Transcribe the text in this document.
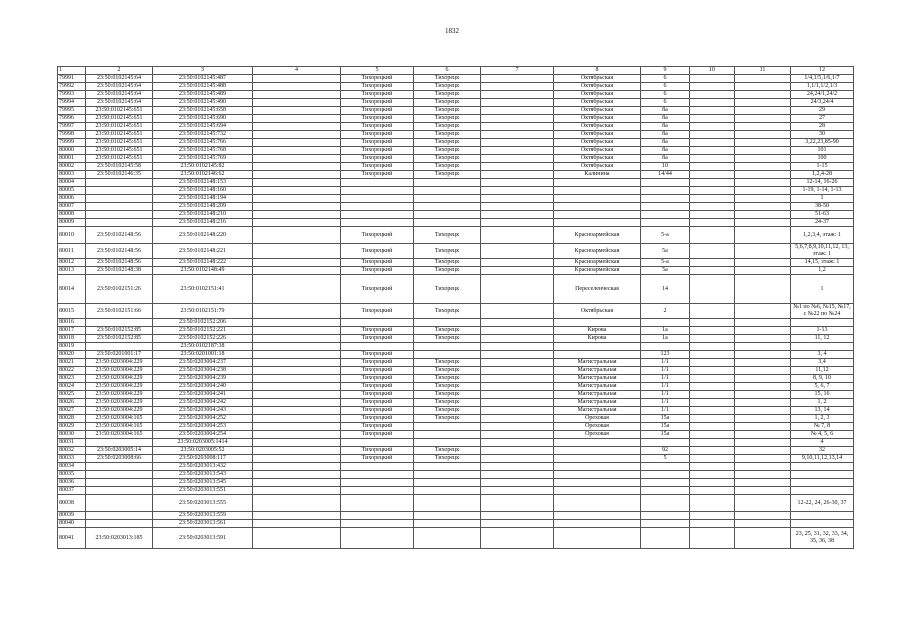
1832
1	2	3	4	5	6	7	8	9	10	11	12
79991	23:50:0102145:64	23:50:0102145:487		Тихорецкий	Тихорецк		Октябрьская	6			1/4,1/5,1/6,1/7
79992	23:50:0102145:64	23:50:0102145:488		Тихорецкий	Тихорецк		Октябрьская	6			1,1/1,1/2,1/3
79993	23:50:0102145:64	23:50:0102145:489		Тихорецкий	Тихорецк		Октябрьская	6			24,24/1,24/2
79994	23:50:0102145:64	23:50:0102145:490		Тихорецкий	Тихорецк		Октябрьская	6			24/3,24/4
79995	23:50:0102145:651	23:50:0102145:658		Тихорецкий	Тихорецк		Октябрьская	8а			29
79996	23:50:0102145:651	23:50:0102145:690		Тихорецкий	Тихорецк		Октябрьская	8а			27
79997	23:50:0102145:651	23:50:0102145:694		Тихорецкий	Тихорецк		Октябрьская	8а			28
79998	23:50:0102145:651	23:50:0102145:732		Тихорецкий	Тихорецк		Октябрьская	8а			30
79999	23:50:0102145:651	23:50:0102145:766		Тихорецкий	Тихорецк		Октябрьская	8а			3,22,23,85-90
80000	23:50:0102145:651	23:50:0102145:768		Тихорецкий	Тихорецк		Октябрьская	8а			101
80001	23:50:0102145:651	23:50:0102145:769		Тихорецкий	Тихорецк		Октябрьская	8а			100
80002	23:50:0102145:58	23:50:0102145:82		Тихорецкий	Тихорецк		Октябрьская	10			1-15
80003	23:50:0102146:35	23:50:0102146:62		Тихорецкий	Тихорецк		Калинина	14/44			1,2,4-28
80004		23:50:0102148:153									12-14, 16-26
80005		23:50:0102148:160									1-19, 1-14, 1-13
80006		23:50:0102148:194									1
80007		23:50:0102148:209									38-50
80008		23:50:0102148:210									51-63
80009		23:50:0102148:216									24-37
80010	23:50:0102148:56	23:50:0102148:220		Тихорецкий	Тихорецк		Красноармейская	5-а			1,2,3,4, этаж: 1
80011	23:50:0102148:56	23:50:0102148:221		Тихорецкий	Тихорецк		Красноармейская	5а			5,6,7,8,9,10,11,12, 13, этаж: 1
80012	23:50:0102148:56	23:50:0102148:222		Тихорецкий	Тихорецк		Красноармейская	5-а			14,15, этаж: 1
80013	23:50:0102148:38	23:50:0102148:49		Тихорецкий	Тихорецк		Красноармейская	5а			1,2
80014	23:50:0102151:26	23:50:0102151:41		Тихорецкий	Тихорецк		Переселенческая	14			1
80015	23:50:0102151:66	23:50:0102151:79		Тихорецкий	Тихорецк		Октябрьская	2			№1 по №6, №15, №17, с №22 по №24
80016		23:50:0102152:206									
80017	23:50:0102152:85	23:50:0102152:221		Тихорецкий	Тихорецк		Кирова	1а			1-13
80018	23:50:0102152:85	23:50:0102152:226		Тихорецкий	Тихорецк		Кирова	1а			11, 12
80019		23:50:0102187:38									
80020	23:50:0201001:17	23:50:0201001:18		Тихорецкий				123			3, 4
80021	23:50:0203004:229	23:50:0203004:237		Тихорецкий	Тихорецк		Магистральная	1/1			3,4
80022	23:50:0203004:229	23:50:0203004:238		Тихорецкий	Тихорецк		Магистральная	1/1			11,12
80023	23:50:0203004:229	23:50:0203004:239		Тихорецкий	Тихорецк		Магистральная	1/1			8, 9, 10
80024	23:50:0203004:229	23:50:0203004:240		Тихорецкий	Тихорецк		Магистральная	1/1			5, 6, 7
80025	23:50:0203004:229	23:50:0203004:241		Тихорецкий	Тихорецк		Магистральная	1/1			15, 16
80026	23:50:0203004:229	23:50:0203004:242		Тихорецкий	Тихорецк		Магистральная	1/1			1, 2
80027	23:50:0203004:229	23:50:0203004:243		Тихорецкий	Тихорецк		Магистральная	1/1			13, 14
80028	23:50:0203004:165	23:50:0203004:252		Тихорецкий	Тихорецк		Ореховая	15а			1, 2, 3
80029	23:50:0203004:165	23:50:0203004:253		Тихорецкий			Ореховая	15а			№ 7, 8
80030	23:50:0203004:165	23:50:0203004:254		Тихорецкий			Ореховая	15а			№ 4, 5, 6
80031		23:50:0203005:1414									4
80032	23:50:0203005:14	23:50:0203005:52		Тихорецкий	Тихорецк			92			32
80033	23:50:0203008:66	23:50:0203008:117		Тихорецкий	Тихорецк			5			9,10,11,12,13,14
80034		23:50:0203013:432									
80035		23:50:0203013:543									
80036		23:50:0203013:545									
80037		23:50:0203013:551									
80038		23:50:0203013:555									12-22, 24, 26-30, 37
80039		23:50:0203013:559									
80040		23:50:0203013:561									
80041	23:50:0203013:185	23:50:0203013:591									23, 25, 31, 32, 33, 34, 35, 36, 38
